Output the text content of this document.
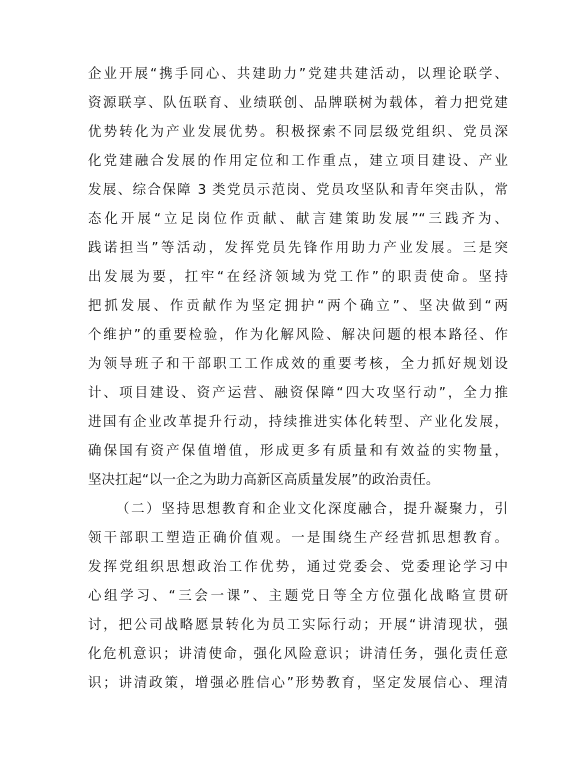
企业开展“携手同心、共建助力”党建共建活动，以理论联学、
资源联享、队伍联育、业绩联创、品牌联树为载体，着力把党建
优势转化为产业发展优势。积极探索不同层级党组织、党员深
化党建融合发展的作用定位和工作重点，建立项目建设、产业
发展、综合保障 3 类党员示范岗、党员攻坚队和青年突击队，常
态化开展“立足岗位作贡献、献言建策助发展”“三践齐为、
践诺担当”等活动，发挥党员先锋作用助力产业发展。三是突
出发展为要，扛牢“在经济领域为党工作”的职责使命。坚持
把抓发展、作贡献作为坚定拥护“两个确立”、坚决做到“两
个维护”的重要检验，作为化解风险、解决问题的根本路径、作
为领导班子和干部职工工作成效的重要考核，全力抓好规划设
计、项目建设、资产运营、融资保障“四大攻坚行动”，全力推
进国有企业改革提升行动，持续推进实体化转型、产业化发展，
确保国有资产保值增值，形成更多有质量和有效益的实物量，
坚决扛起“以一企之为助力高新区高质量发展”的政治责任。
（二）坚持思想教育和企业文化深度融合，提升凝聚力，引
领干部职工塑造正确价值观。一是围绕生产经营抓思想教育。
发挥党组织思想政治工作优势，通过党委会、党委理论学习中
心组学习、“三会一课”、主题党日等全方位强化战略宣贯研
讨，把公司战略愿景转化为员工实际行动；开展“讲清现状，强
化危机意识；讲清使命，强化风险意识；讲清任务，强化责任意
识；讲清政策，增强必胜信心”形势教育，坚定发展信心、理清
